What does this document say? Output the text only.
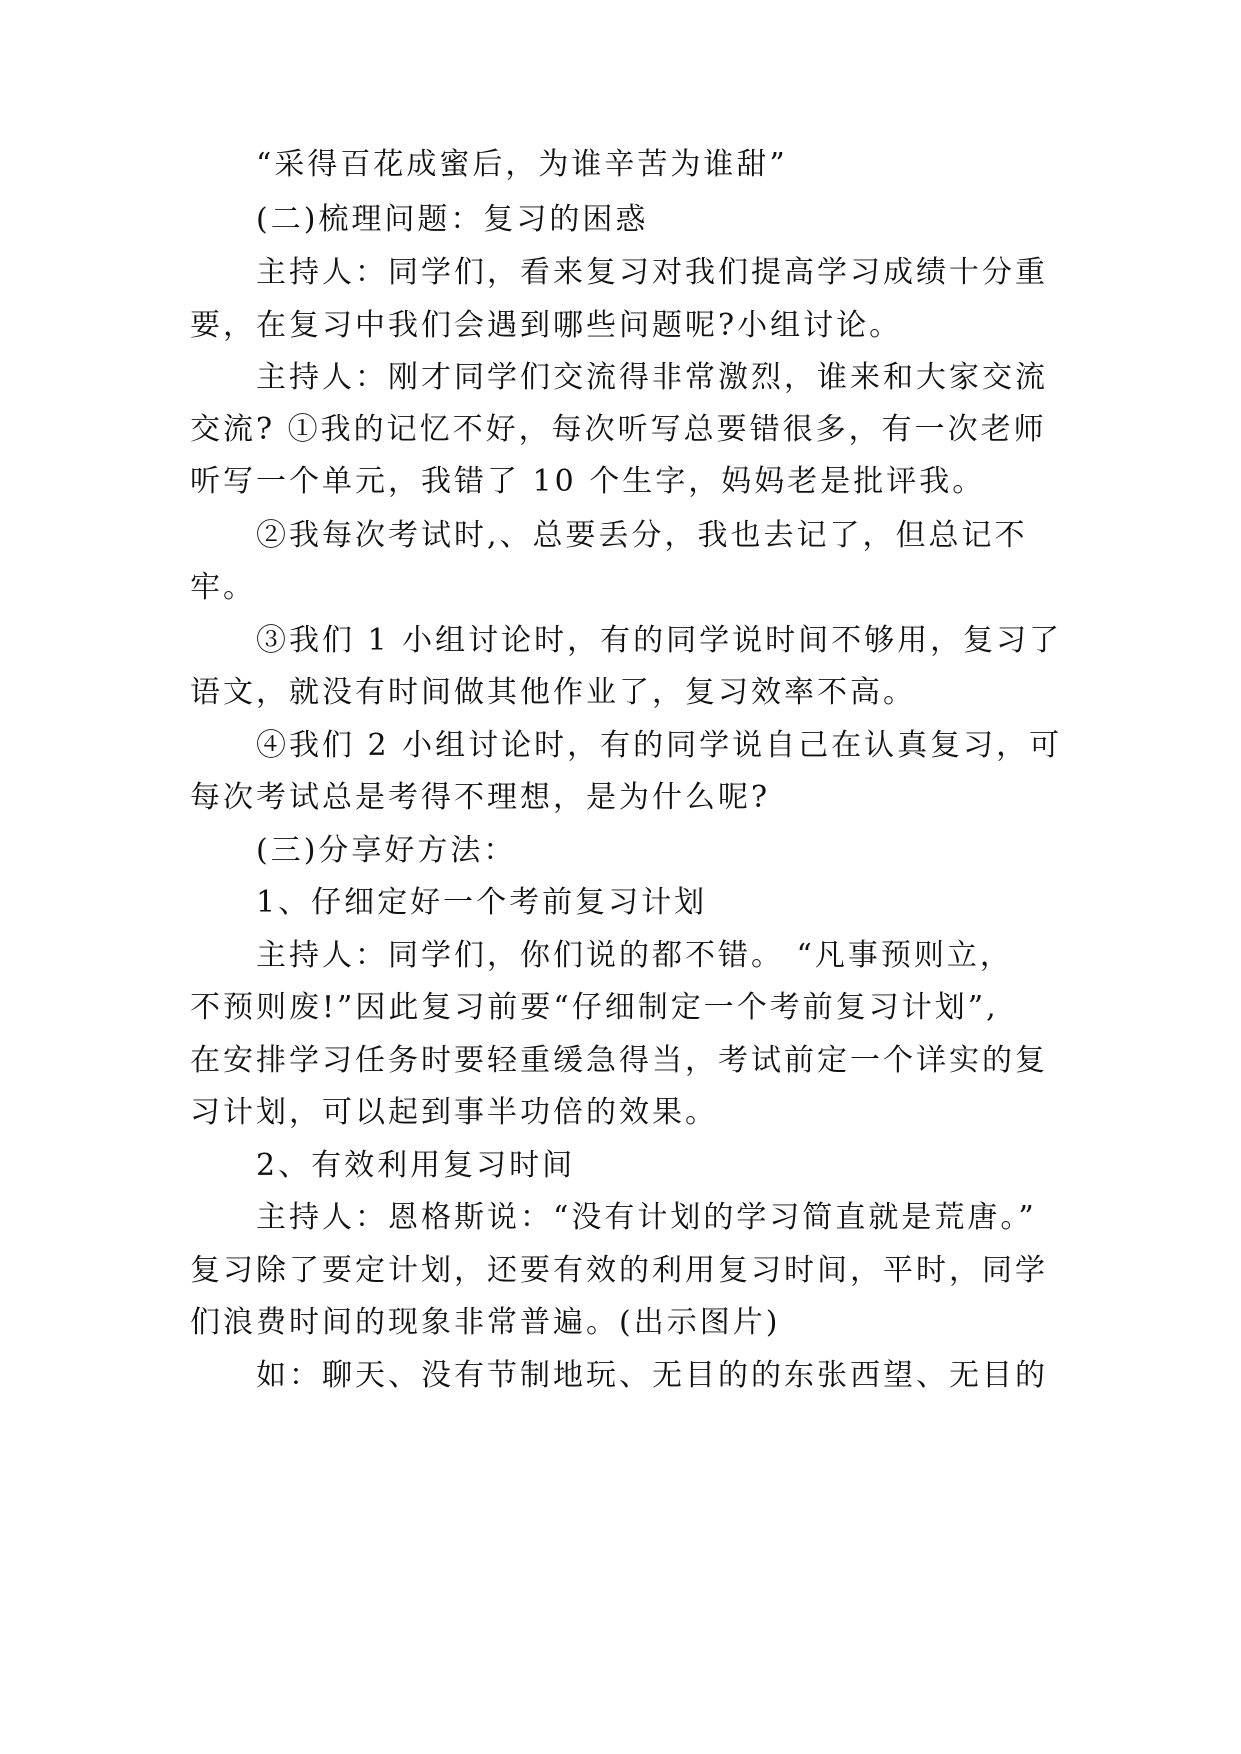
“采得百花成蜜后，为谁辛苦为谁甜”
(二)梳理问题：复习的困惑
主持人：同学们，看来复习对我们提高学习成绩十分重
要，在复习中我们会遇到哪些问题呢?小组讨论。
主持人：刚才同学们交流得非常激烈，谁来和大家交流
交流? ①我的记忆不好，每次听写总要错很多，有一次老师
听写一个单元，我错了 10 个生字，妈妈老是批评我。
②我每次考试时,、总要丢分，我也去记了，但总记不
牢。
③我们 1 小组讨论时，有的同学说时间不够用，复习了
语文，就没有时间做其他作业了，复习效率不高。
④我们 2 小组讨论时，有的同学说自己在认真复习，可
每次考试总是考得不理想，是为什么呢?
(三)分享好方法：
1、仔细定好一个考前复习计划
主持人：同学们，你们说的都不错。 “凡事预则立，
不预则废!”因此复习前要“仔细制定一个考前复习计划”,
在安排学习任务时要轻重缓急得当，考试前定一个详实的复
习计划，可以起到事半功倍的效果。
2、有效利用复习时间
主持人：恩格斯说：“没有计划的学习简直就是荒唐。”
复习除了要定计划，还要有效的利用复习时间，平时，同学
们浪费时间的现象非常普遍。(出示图片)
如：聊天、没有节制地玩、无目的的东张西望、无目的
